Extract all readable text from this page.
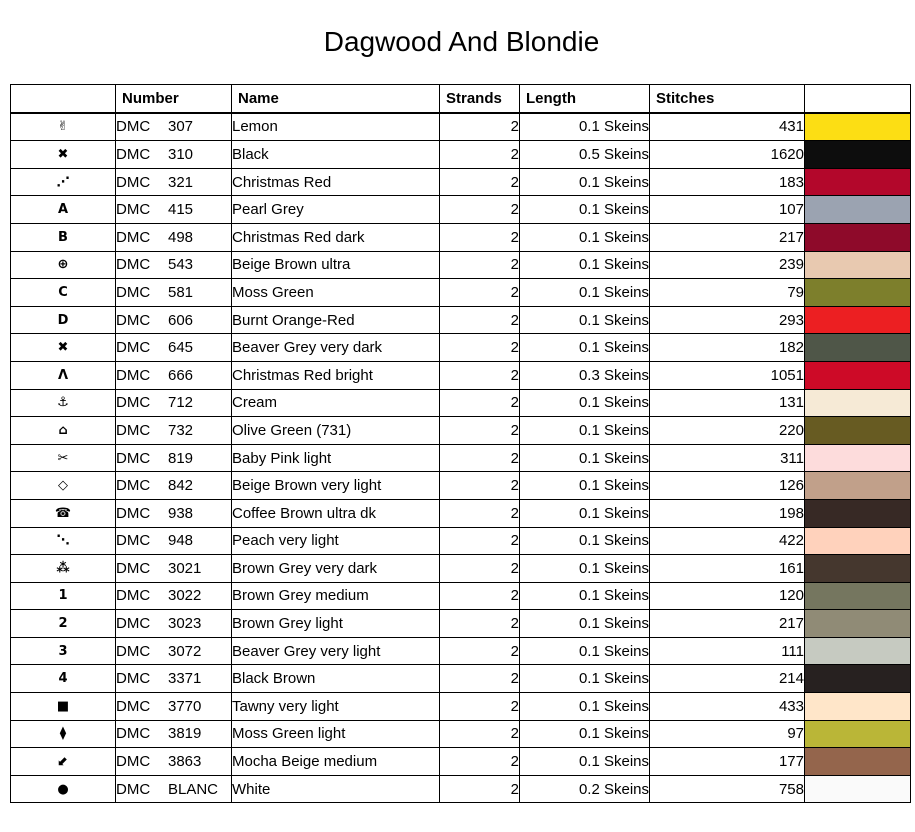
Dagwood And Blondie
	Number	Name	Strands	Length	Stitches	
✌	DMC 307	Lemon	2	0.1 Skeins	431	

✖	DMC 310	Black	2	0.5 Skeins	1620	

⋰	DMC 321	Christmas Red	2	0.1 Skeins	183	

A	DMC 415	Pearl Grey	2	0.1 Skeins	107	

B	DMC 498	Christmas Red dark	2	0.1 Skeins	217	

⊕	DMC 543	Beige Brown ultra	2	0.1 Skeins	239	

C	DMC 581	Moss Green	2	0.1 Skeins	79	

D	DMC 606	Burnt Orange-Red	2	0.1 Skeins	293	

✖	DMC 645	Beaver Grey very dark	2	0.1 Skeins	182	

Λ	DMC 666	Christmas Red bright	2	0.3 Skeins	1051	

⚓	DMC 712	Cream	2	0.1 Skeins	131	

⌂	DMC 732	Olive Green (731)	2	0.1 Skeins	220	

✂	DMC 819	Baby Pink light	2	0.1 Skeins	311	

◇	DMC 842	Beige Brown very light	2	0.1 Skeins	126	

☎	DMC 938	Coffee Brown ultra dk	2	0.1 Skeins	198	

⋱	DMC 948	Peach very light	2	0.1 Skeins	422	

⁂	DMC 3021	Brown Grey very dark	2	0.1 Skeins	161	

1	DMC 3022	Brown Grey medium	2	0.1 Skeins	120	

2	DMC 3023	Brown Grey light	2	0.1 Skeins	217	

3	DMC 3072	Beaver Grey very light	2	0.1 Skeins	111	

4	DMC 3371	Black Brown	2	0.1 Skeins	214	

■	DMC 3770	Tawny very light	2	0.1 Skeins	433	

⧫	DMC 3819	Moss Green light	2	0.1 Skeins	97	

⬋	DMC 3863	Mocha Beige medium	2	0.1 Skeins	177	

●	DMC BLANC	White	2	0.2 Skeins	758	
